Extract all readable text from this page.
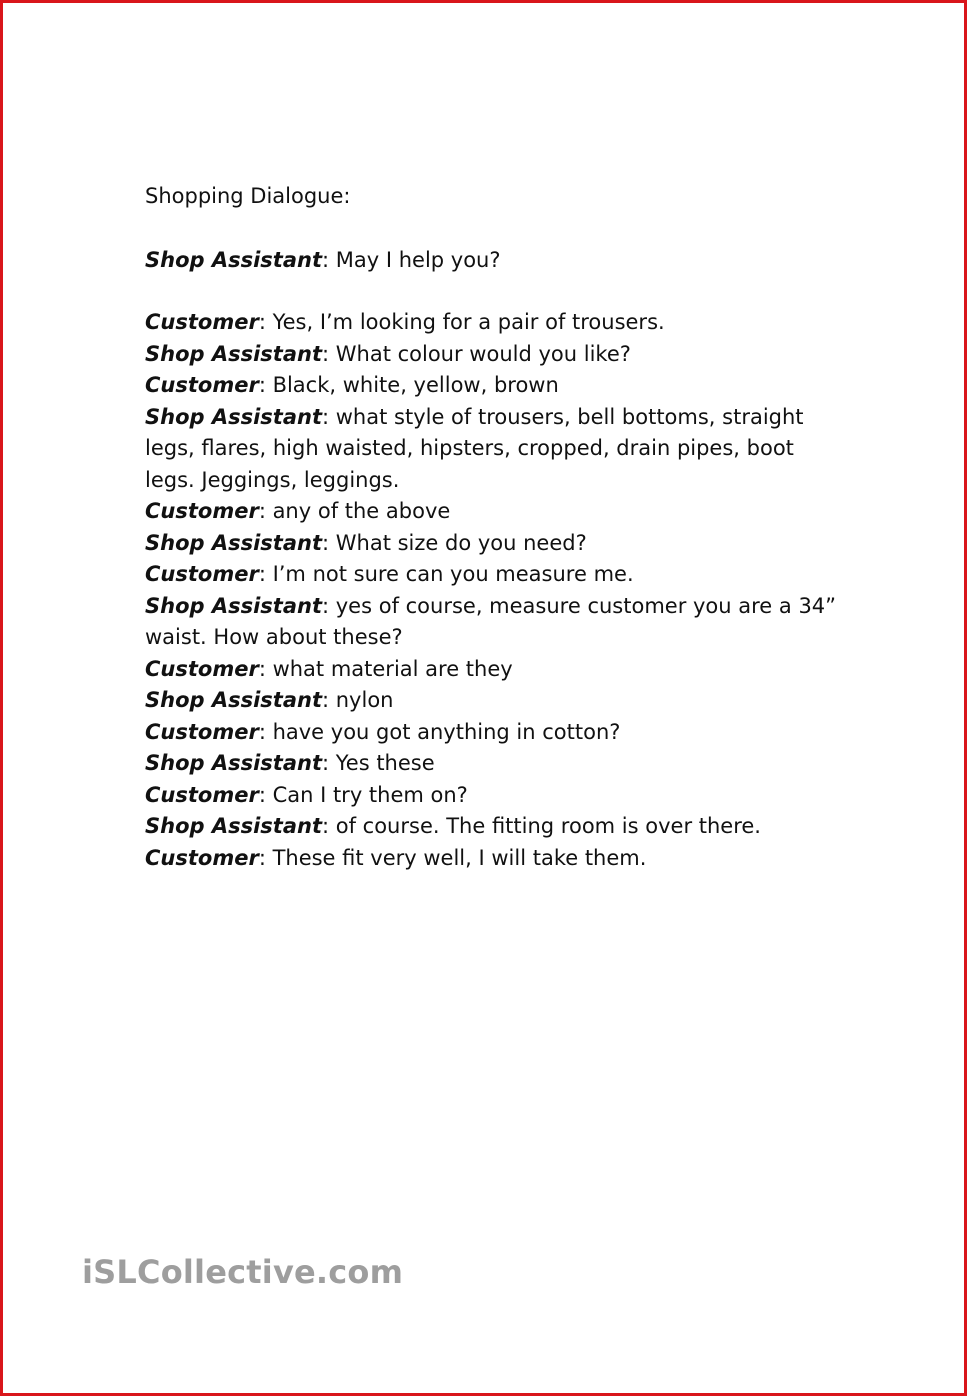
Shopping Dialogue:
Shop Assistant: May I help you?
Customer: Yes, I’m looking for a pair of trousers.
Shop Assistant: What colour would you like?
Customer: Black, white, yellow, brown
Shop Assistant: what style of trousers, bell bottoms, straight legs, flares, high waisted, hipsters, cropped, drain pipes, boot legs. Jeggings, leggings.
Customer: any of the above
Shop Assistant: What size do you need?
Customer: I’m not sure can you measure me.
Shop Assistant: yes of course, measure customer you are a 34” waist. How about these?
Customer: what material are they
Shop Assistant: nylon
Customer: have you got anything in cotton?
Shop Assistant: Yes these
Customer: Can I try them on?
Shop Assistant: of course. The fitting room is over there.
Customer: These fit very well, I will take them.
iSLCollective.com
